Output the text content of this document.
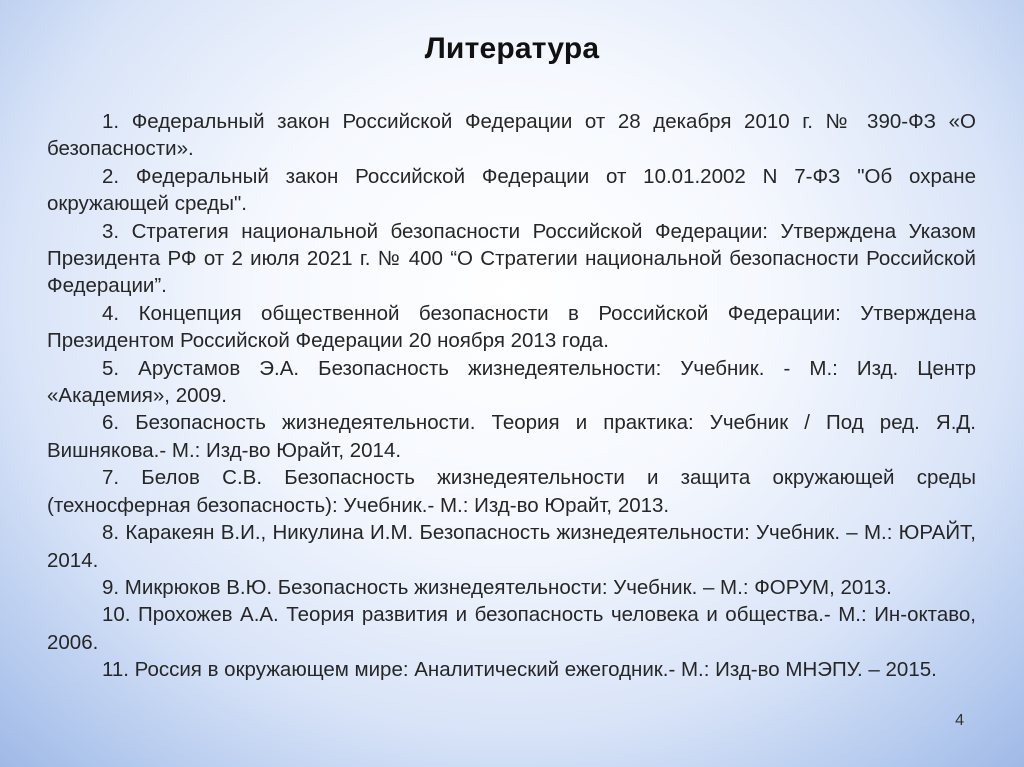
Литература
1. Федеральный закон Российской Федерации от 28 декабря 2010 г. № 390-ФЗ «О безопасности».
2. Федеральный закон Российской Федерации от 10.01.2002 N 7-ФЗ "Об охране окружающей среды".
3. Стратегия национальной безопасности Российской Федерации: Утверждена Указом Президента РФ от 2 июля 2021 г. № 400 “О Стратегии национальной безопасности Российской Федерации”.
4. Концепция общественной безопасности в Российской Федерации: Утверждена Президентом Российской Федерации 20 ноября 2013 года.
5. Арустамов Э.А. Безопасность жизнедеятельности: Учебник. - М.: Изд. Центр «Академия», 2009.
6. Безопасность жизнедеятельности. Теория и практика: Учебник / Под ред. Я.Д. Вишнякова.- М.: Изд-во Юрайт, 2014.
7. Белов С.В. Безопасность жизнедеятельности и защита окружающей среды (техносферная безопасность): Учебник.- М.: Изд-во Юрайт, 2013.
8. Каракеян В.И., Никулина И.М. Безопасность жизнедеятельности: Учебник. – М.: ЮРАЙТ, 2014.
9. Микрюков В.Ю. Безопасность жизнедеятельности: Учебник. – М.: ФОРУМ, 2013.
10. Прохожев А.А. Теория развития и безопасность человека и общества.- М.: Ин-октаво, 2006.
11. Россия в окружающем мире: Аналитический ежегодник.- М.: Изд-во МНЭПУ. – 2015.
4
